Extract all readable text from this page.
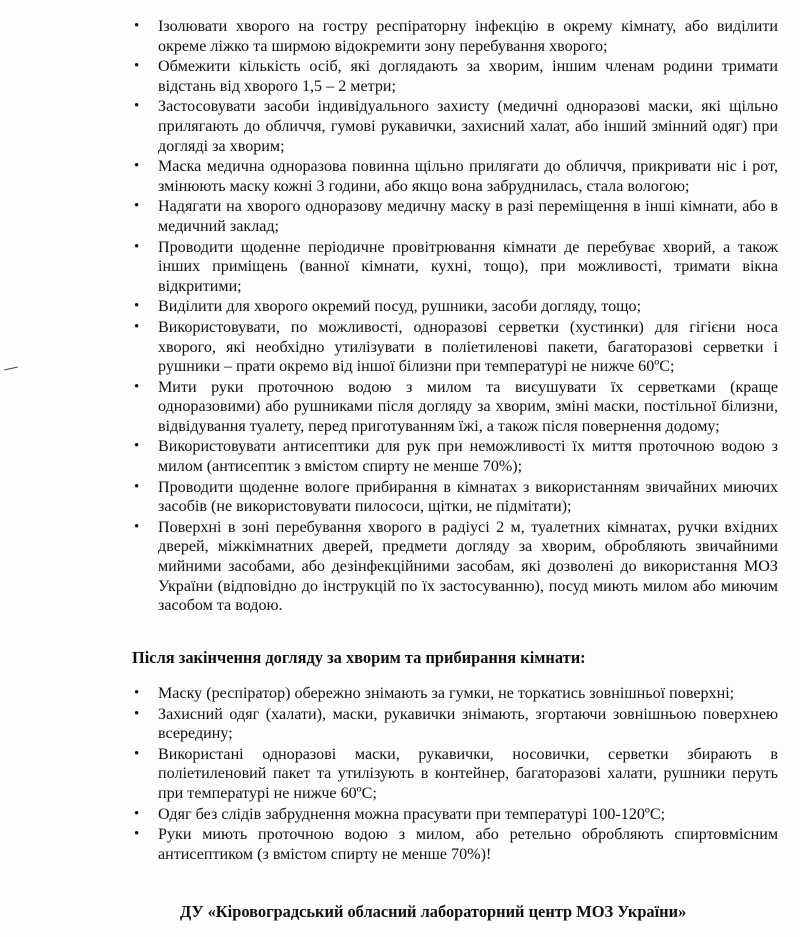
• Ізолювати хворого на гостру респіраторну інфекцію в окрему кімнату, або виділити окреме ліжко та ширмою відокремити зону перебування хворого;
• Обмежити кількість осіб, які доглядають за хворим, іншим членам родини тримати відстань від хворого 1,5 – 2 метри;
• Застосовувати засоби індивідуального захисту (медичні одноразові маски, які щільно прилягають до обличчя, гумові рукавички, захисний халат, або інший змінний одяг) при догляді за хворим;
• Маска медична одноразова повинна щільно прилягати до обличчя, прикривати ніс і рот, змінюють маску кожні 3 години, або якщо вона забруднилась, стала вологою;
• Надягати на хворого одноразову медичну маску в разі переміщення в інші кімнати, або в медичний заклад;
• Проводити щоденне періодичне провітрювання кімнати де перебуває хворий, а також інших приміщень (ванної кімнати, кухні, тощо), при можливості, тримати вікна відкритими;
• Виділити для хворого окремий посуд, рушники, засоби догляду, тощо;
• Використовувати, по можливості, одноразові серветки (хустинки) для гігієни носа хворого, які необхідно утилізувати в поліетиленові пакети, багаторазові серветки і рушники – прати окремо від іншої білизни при температурі не нижче 60ºС;
• Мити руки проточною водою з милом та висушувати їх серветками (краще одноразовими) або рушниками після догляду за хворим, зміні маски, постільної білизни, відвідування туалету, перед приготуванням їжі, а також після повернення додому;
• Використовувати антисептики для рук при неможливості їх миття проточною водою з милом (антисептик з вмістом спирту не менше 70%);
• Проводити щоденне вологе прибирання в кімнатах з використанням звичайних миючих засобів (не використовувати пилососи, щітки, не підмітати);
• Поверхні в зоні перебування хворого в радіусі 2 м, туалетних кімнатах, ручки вхідних дверей, міжкімнатних дверей, предмети догляду за хворим, обробляють звичайними мийними засобами, або дезінфекційними засобам, які дозволені до використання МОЗ України (відповідно до інструкцій по їх застосуванню), посуд миють милом або миючим засобом та водою.
Після закінчення догляду за хворим та прибирання кімнати:
• Маску (респіратор) обережно знімають за гумки, не торкатись зовнішньої поверхні;
• Захисний одяг (халати), маски, рукавички знімають, згортаючи зовнішньою поверхнею всередину;
• Використані одноразові маски, рукавички, носовички, серветки збирають в поліетиленовий пакет та утилізують в контейнер, багаторазові халати, рушники перуть при температурі не нижче 60ºС;
• Одяг без слідів забруднення можна прасувати при температурі 100-120ºС;
• Руки миють проточною водою з милом, або ретельно обробляють спиртовмісним антисептиком (з вмістом спирту не менше 70%)!
ДУ «Кіровоградський обласний лабораторний центр МОЗ України»
